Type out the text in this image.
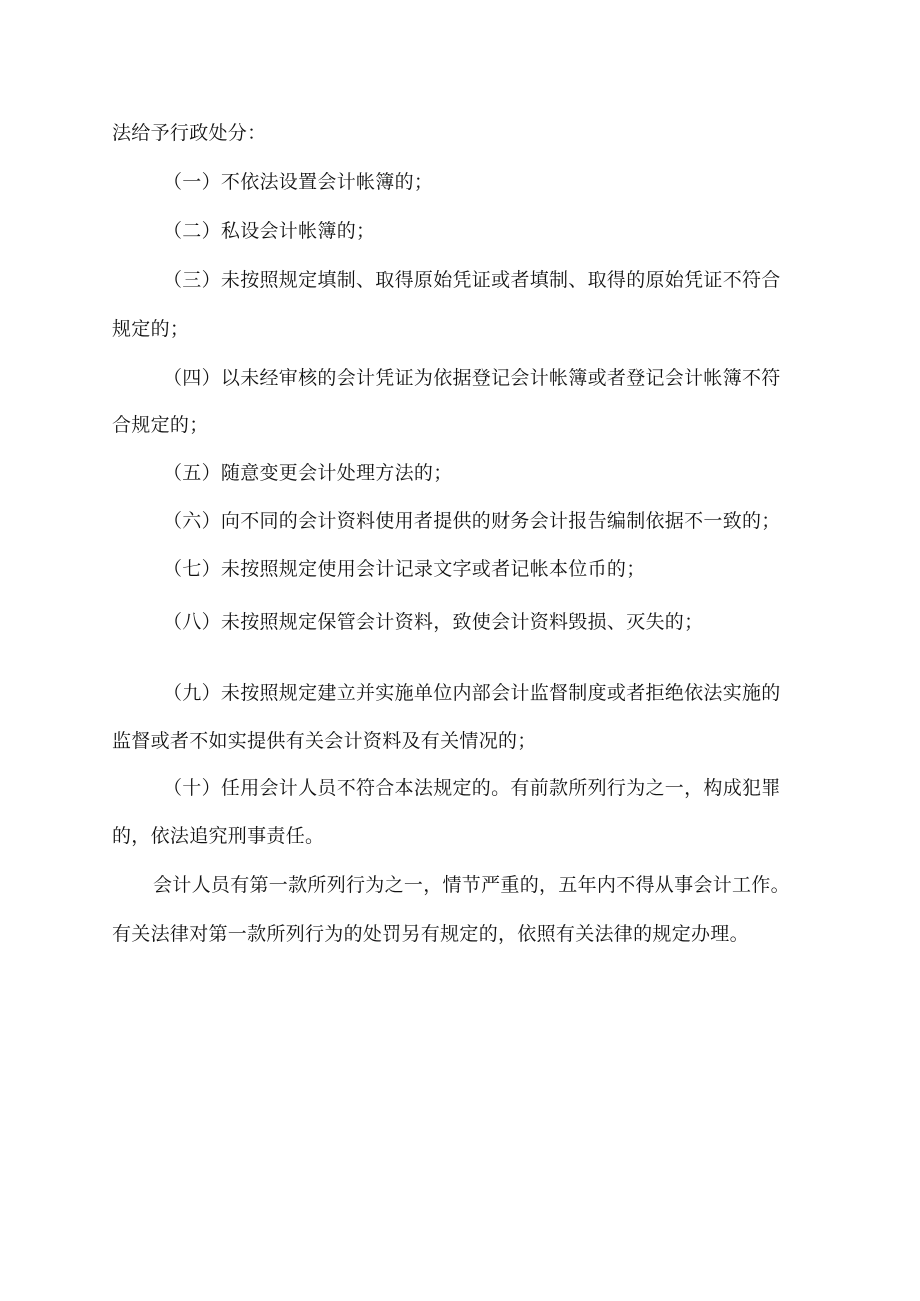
法给予行政处分：
（一）不依法设置会计帐簿的；
（二）私设会计帐簿的；
（三）未按照规定填制、取得原始凭证或者填制、取得的原始凭证不符合
规定的；
（四）以未经审核的会计凭证为依据登记会计帐簿或者登记会计帐簿不符
合规定的；
（五）随意变更会计处理方法的；
（六）向不同的会计资料使用者提供的财务会计报告编制依据不一致的；
（七）未按照规定使用会计记录文字或者记帐本位币的；
（八）未按照规定保管会计资料，致使会计资料毁损、灭失的；
（九）未按照规定建立并实施单位内部会计监督制度或者拒绝依法实施的
监督或者不如实提供有关会计资料及有关情况的；
（十）任用会计人员不符合本法规定的。有前款所列行为之一，构成犯罪
的，依法追究刑事责任。
会计人员有第一款所列行为之一，情节严重的，五年内不得从事会计工作。
有关法律对第一款所列行为的处罚另有规定的，依照有关法律的规定办理。
